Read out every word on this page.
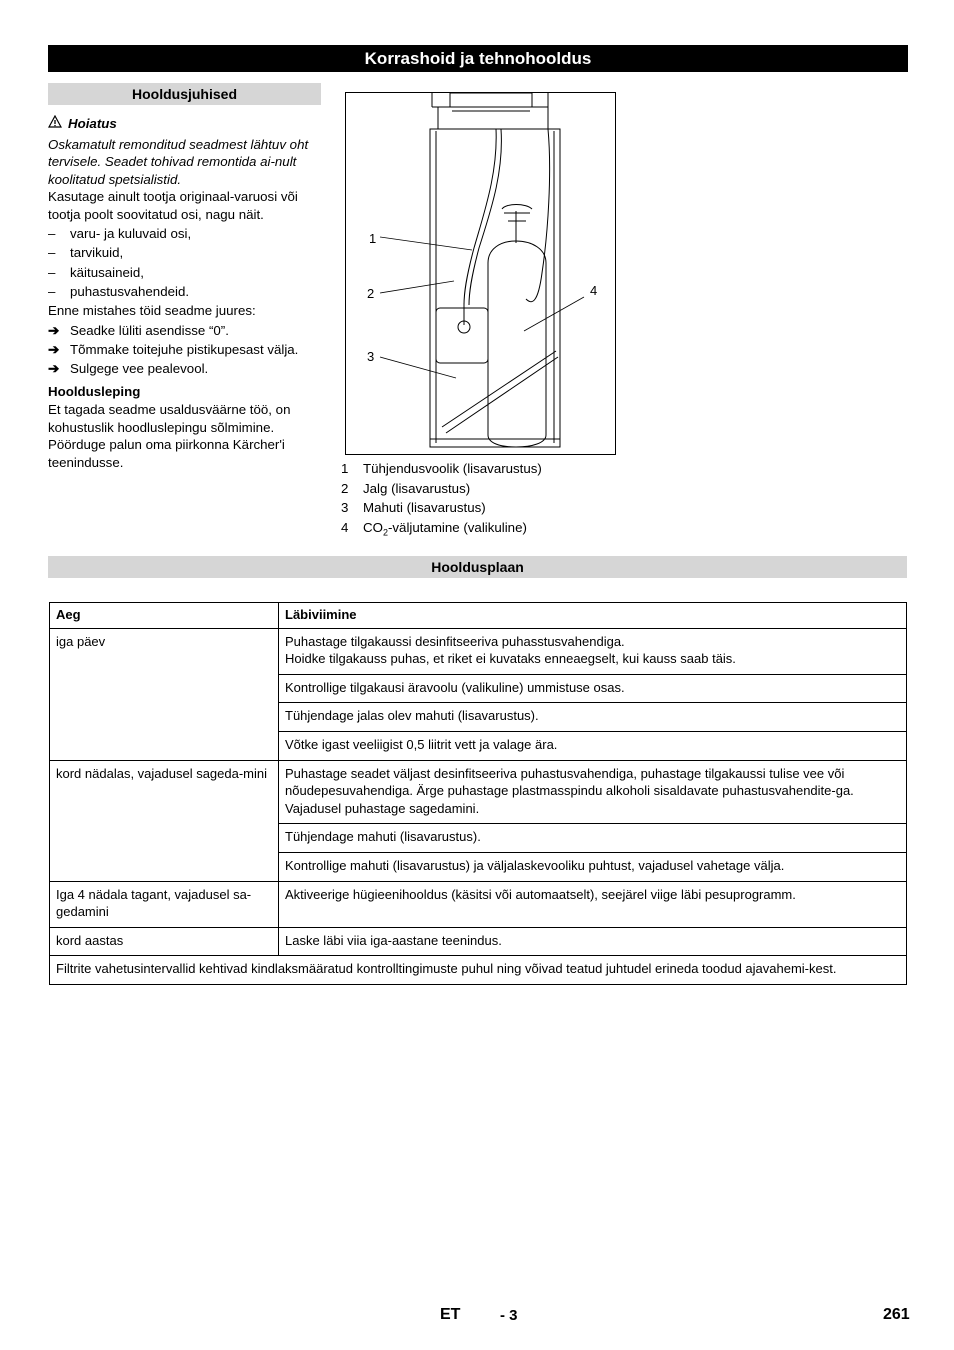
Korrashoid ja tehnohooldus
Hooldusjuhised
Hoiatus

Oskamatult remonditud seadmest lähtuv oht tervisele. Seadet tohivad remontida ai-nult koolitatud spetsialistid.

Kasutage ainult tootja originaal-varuosi või tootja poolt soovitatud osi, nagu näit.

–	varu- ja kuluvaid osi,
–	tarvikuid,
–	käitusaineid,
–	puhastusvahendeid.

Enne mistahes töid seadme juures:

➔ Seadke lüliti asendisse “0”.
➔ Tõmmake toitejuhe pistikupesast välja.
➔ Sulgege vee pealevool.

Hooldusleping

Et tagada seadme usaldusväärne töö, on kohustuslik hoodluslepingu sõlmimine. Pöörduge palun oma piirkonna Kärcher'i teenindusse.

1
2
3
4
1	Tühjendusvoolik (lisavarustus)
2	Jalg (lisavarustus)
3	Mahuti (lisavarustus)
4	$CO_2$-väljutamine (valikuline)
Hooldusplaan
Aeg	Läbiviimine
iga päev	Puhastage tilgakaussi desinfitseeriva puhasstusvahendiga.
Hoidke tilgakauss puhas, et riket ei kuvataks enneaegselt, kui kauss saab täis.
	Kontrollige tilgakausi äravoolu (valikuline) ummistuse osas.
	Tühjendage jalas olev mahuti (lisavarustus).
	Võtke igast veeliigist 0,5 liitrit vett ja valage ära.
kord nädalas, vajadusel sageda-mini	Puhastage seadet väljast desinfitseeriva puhastusvahendiga, puhastage tilgakaussi tulise vee või nõudepesuvahendiga. Ärge puhastage plastmasspindu alkoholi sisaldavate puhastusvahendite-ga. Vajadusel puhastage sagedamini.
	Tühjendage mahuti (lisavarustus).
	Kontrollige mahuti (lisavarustus) ja väljalaskevooliku puhtust, vajadusel vahetage välja.
Iga 4 nädala tagant, vajadusel sa-gedamini	Aktiveerige hügieenihooldus (käsitsi või automaatselt), seejärel viige läbi pesuprogramm.
kord aastas	Laske läbi viia iga-aastane teenindus.
Filtrite vahetusintervallid kehtivad kindlaksmääratud kontrolltingimuste puhul ning võivad teatud juhtudel erineda toodud ajavahemi-kest.	
ET	- 3	261
